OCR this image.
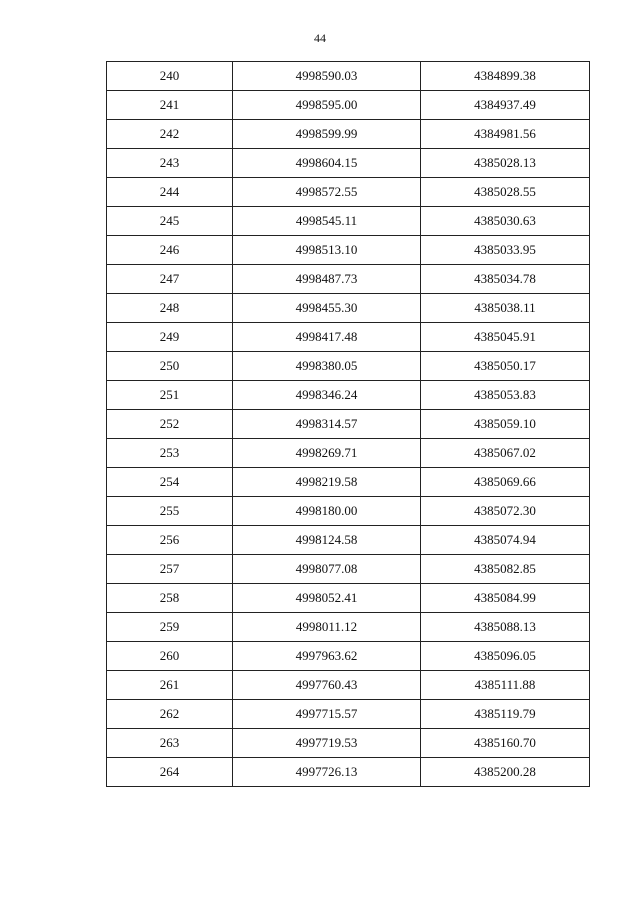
44
240	4998590.03	4384899.38
241	4998595.00	4384937.49
242	4998599.99	4384981.56
243	4998604.15	4385028.13
244	4998572.55	4385028.55
245	4998545.11	4385030.63
246	4998513.10	4385033.95
247	4998487.73	4385034.78
248	4998455.30	4385038.11
249	4998417.48	4385045.91
250	4998380.05	4385050.17
251	4998346.24	4385053.83
252	4998314.57	4385059.10
253	4998269.71	4385067.02
254	4998219.58	4385069.66
255	4998180.00	4385072.30
256	4998124.58	4385074.94
257	4998077.08	4385082.85
258	4998052.41	4385084.99
259	4998011.12	4385088.13
260	4997963.62	4385096.05
261	4997760.43	4385111.88
262	4997715.57	4385119.79
263	4997719.53	4385160.70
264	4997726.13	4385200.28
